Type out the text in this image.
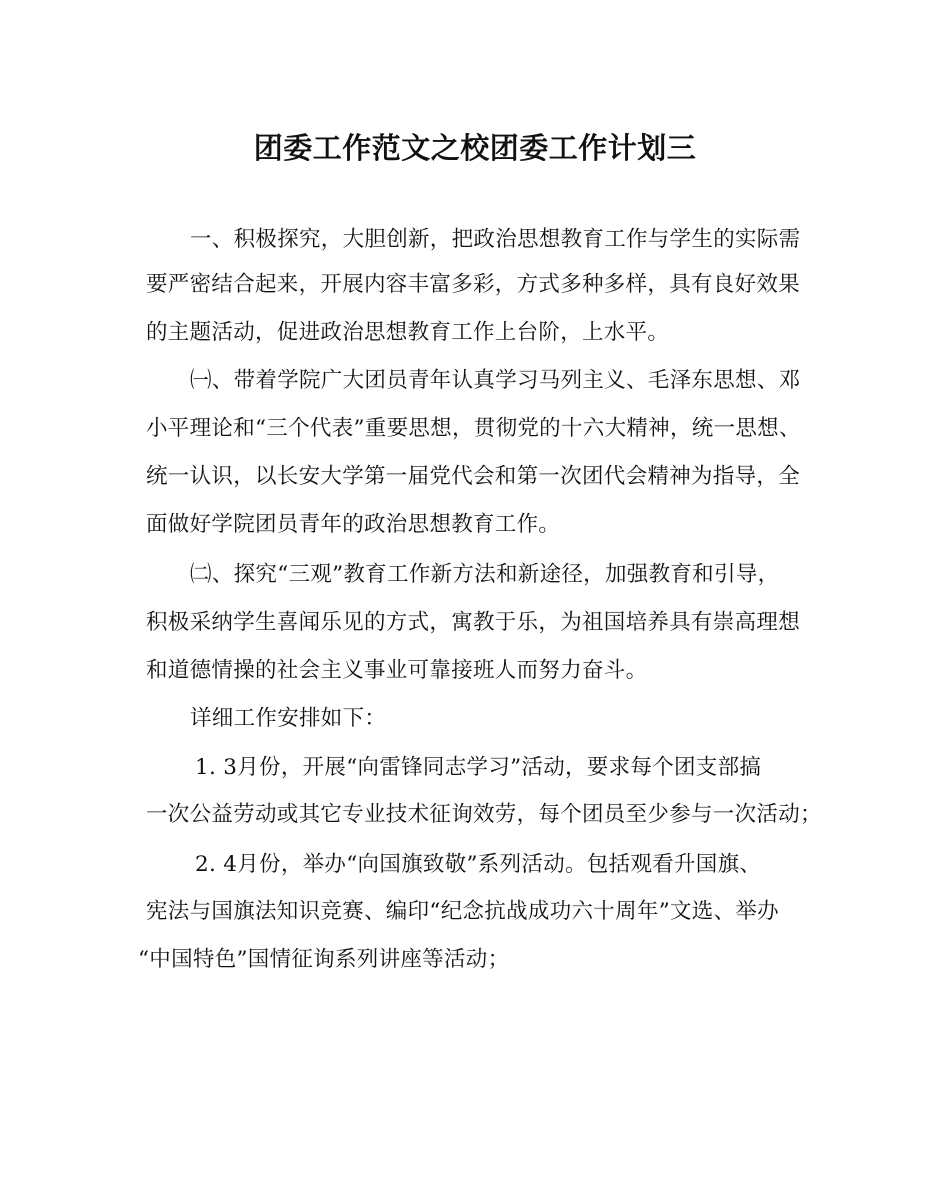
团委工作范文之校团委工作计划三
一、积极探究，大胆创新，把政治思想教育工作与学生的实际需
要严密结合起来，开展内容丰富多彩，方式多种多样，具有良好效果
的主题活动，促进政治思想教育工作上台阶，上水平。
㈠、带着学院广大团员青年认真学习马列主义、毛泽东思想、邓
小平理论和“三个代表”重要思想，贯彻党的十六大精神，统一思想、
统一认识，以长安大学第一届党代会和第一次团代会精神为指导，全
面做好学院团员青年的政治思想教育工作。
㈡、探究“三观”教育工作新方法和新途径，加强教育和引导，
积极采纳学生喜闻乐见的方式，寓教于乐，为祖国培养具有崇高理想
和道德情操的社会主义事业可靠接班人而努力奋斗。
详细工作安排如下：
1. 3月份，开展“向雷锋同志学习”活动，要求每个团支部搞
一次公益劳动或其它专业技术征询效劳，每个团员至少参与一次活动；
2. 4月份，举办“向国旗致敬”系列活动。包括观看升国旗、
宪法与国旗法知识竞赛、编印“纪念抗战成功六十周年”文选、举办
“中国特色”国情征询系列讲座等活动；
